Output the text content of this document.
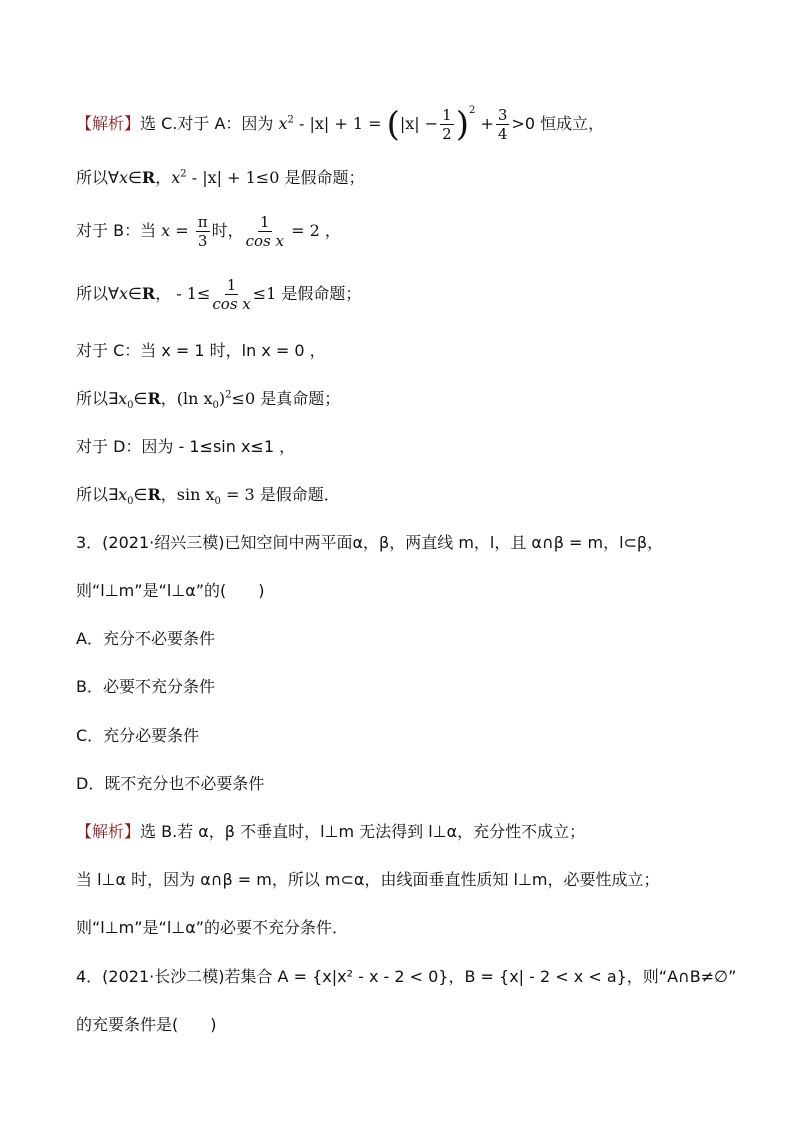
【解析】选 C.对于 A：因为 $x^2 - |x| + 1 = (|x| - \frac{1}{2} )^2 + \frac{3}{4} >0$ 恒成立，
所以∀x∈R，$x^2 - |x| + 1\le 0$ 是假命题；
对于 B：当 $x = \frac{\pi}{3}$ 时， $\frac{1}{\text{cos x}} = 2$ ，
所以∀x∈R， - $1\le \frac{1}{\text{cos x}} \le 1$ 是假命题；
对于 C：当 x = 1 时，ln x = 0 ，
所以$\exists x_0\in R$，(ln $x_0)^2\le 0$ 是真命题；
对于 D：因为 - 1≤sin x≤1 ，
所以$\exists x_0\in R$，$\sin x_0 = 3$ 是假命题．
3．(2021·绍兴三模)已知空间中两平面α，β，两直线 m，l，且 α∩β = m，l⊂β，
则“l⊥m”是“l⊥α”的(　　)
A．充分不必要条件
B．必要不充分条件
C．充分必要条件
D．既不充分也不必要条件
【解析】选 B.若 α，β 不垂直时，l⊥m 无法得到 l⊥α，充分性不成立；
当 l⊥α 时，因为 α∩β = m，所以 m⊂α，由线面垂直性质知 l⊥m，必要性成立；
则“l⊥m”是“l⊥α”的必要不充分条件．
4．(2021·长沙二模)若集合 A = {x|x² - x - 2 < 0}，B = {x| - 2 < x < a}，则“A∩B≠∅”
的充要条件是(　　)
